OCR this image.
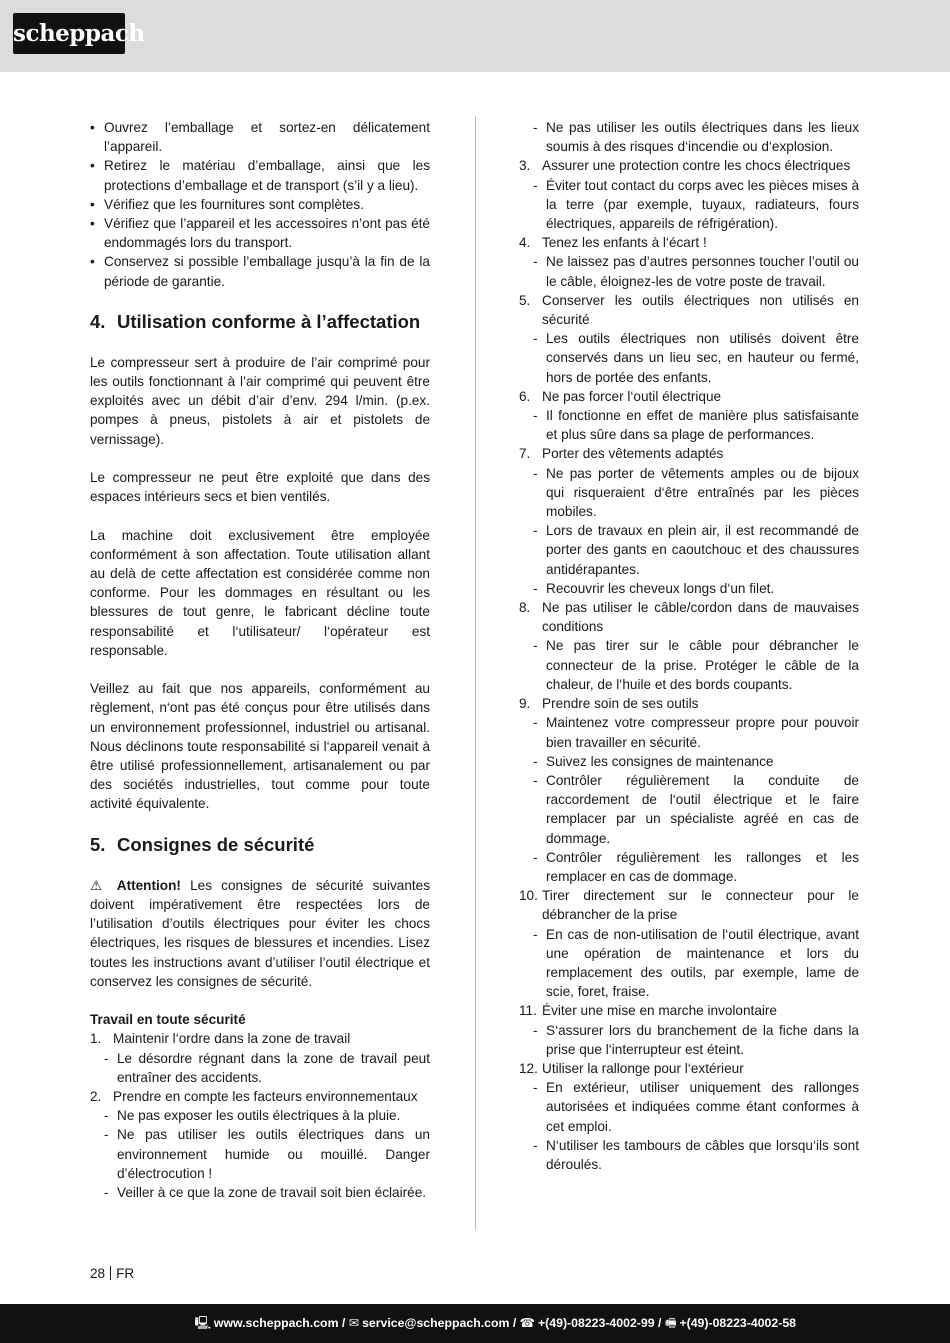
scheppach
• Ouvrez l’emballage et sortez-en délicatement l’appareil.
• Retirez le matériau d’emballage, ainsi que les protections d’emballage et de transport (s’il y a lieu).
• Vérifiez que les fournitures sont complètes.
• Vérifiez que l’appareil et les accessoires n’ont pas été endommagés lors du transport.
• Conservez si possible l’emballage jusqu’à la fin de la période de garantie.
4. Utilisation conforme à l’affectation

Le compresseur sert à produire de l’air comprimé pour les outils fonctionnant à l’air comprimé qui peuvent être exploités avec un débit d’air d’env. 294 l/min. (p.ex. pompes à pneus, pistolets à air et pistolets de vernissage).

Le compresseur ne peut être exploité que dans des espaces intérieurs secs et bien ventilés.

La machine doit exclusivement être employée conformément à son affectation. Toute utilisation allant au delà de cette affectation est considérée comme non conforme. Pour les dommages en résultant ou les blessures de tout genre, le fabricant décline toute responsabilité et l‘utilisateur/ l‘opérateur est responsable.

Veillez au fait que nos appareils, conformément au règlement, n‘ont pas été conçus pour être utilisés dans un environnement professionnel, industriel ou artisanal. Nous déclinons toute responsabilité si l‘appareil venait à être utilisé professionnellement, artisanalement ou par des sociétés industrielles, tout comme pour toute activité équivalente.

5. Consignes de sécurité

⚠ Attention! Les consignes de sécurité suivantes doivent impérativement être respectées lors de l’utilisation d’outils électriques pour éviter les chocs électriques, les risques de blessures et incendies. Lisez toutes les instructions avant d’utiliser l’outil électrique et conservez les consignes de sécurité.

Travail en toute sécurité
1. Maintenir l‘ordre dans la zone de travail
- Le désordre régnant dans la zone de travail peut entraîner des accidents.
2. Prendre en compte les facteurs environnementaux
- Ne pas exposer les outils électriques à la pluie.
- Ne pas utiliser les outils électriques dans un environnement humide ou mouillé. Danger d’électrocution !
- Veiller à ce que la zone de travail soit bien éclairée.
- Ne pas utiliser les outils électriques dans les lieux soumis à des risques d‘incendie ou d‘explosion.
3. Assurer une protection contre les chocs électriques
- Éviter tout contact du corps avec les pièces mises à la terre (par exemple, tuyaux, radiateurs, fours électriques, appareils de réfrigération).
4. Tenez les enfants à l‘écart !
- Ne laissez pas d’autres personnes toucher l’outil ou le câble, éloignez-les de votre poste de travail.
5. Conserver les outils électriques non utilisés en sécurité
- Les outils électriques non utilisés doivent être conservés dans un lieu sec, en hauteur ou fermé, hors de portée des enfants.
6. Ne pas forcer l‘outil électrique
- Il fonctionne en effet de manière plus satisfaisante et plus sûre dans sa plage de performances.
7. Porter des vêtements adaptés
- Ne pas porter de vêtements amples ou de bijoux qui risqueraient d‘être entraînés par les pièces mobiles.
- Lors de travaux en plein air, il est recommandé de porter des gants en caoutchouc et des chaussures antidérapantes.
- Recouvrir les cheveux longs d‘un filet.
8. Ne pas utiliser le câble/cordon dans de mauvaises conditions
- Ne pas tirer sur le câble pour débrancher le connecteur de la prise. Protéger le câble de la chaleur, de l‘huile et des bords coupants.
9. Prendre soin de ses outils
- Maintenez votre compresseur propre pour pouvoir bien travailler en sécurité.
- Suivez les consignes de maintenance
- Contrôler régulièrement la conduite de raccordement de l‘outil électrique et le faire remplacer par un spécialiste agréé en cas de dommage.
- Contrôler régulièrement les rallonges et les remplacer en cas de dommage.
10. Tirer directement sur le connecteur pour le débrancher de la prise
- En cas de non-utilisation de l‘outil électrique, avant une opération de maintenance et lors du remplacement des outils, par exemple, lame de scie, foret, fraise.
11. Éviter une mise en marche involontaire
- S‘assurer lors du branchement de la fiche dans la prise que l‘interrupteur est éteint.
12. Utiliser la rallonge pour l‘extérieur
- En extérieur, utiliser uniquement des rallonges autorisées et indiquées comme étant conformes à cet emploi.
- N‘utiliser les tambours de câbles que lorsqu‘ils sont déroulés.
28 FR
🖳 www.scheppach.com / ✉ service@scheppach.com / ☎ +(49)-08223-4002-99 / 🖷 +(49)-08223-4002-58
